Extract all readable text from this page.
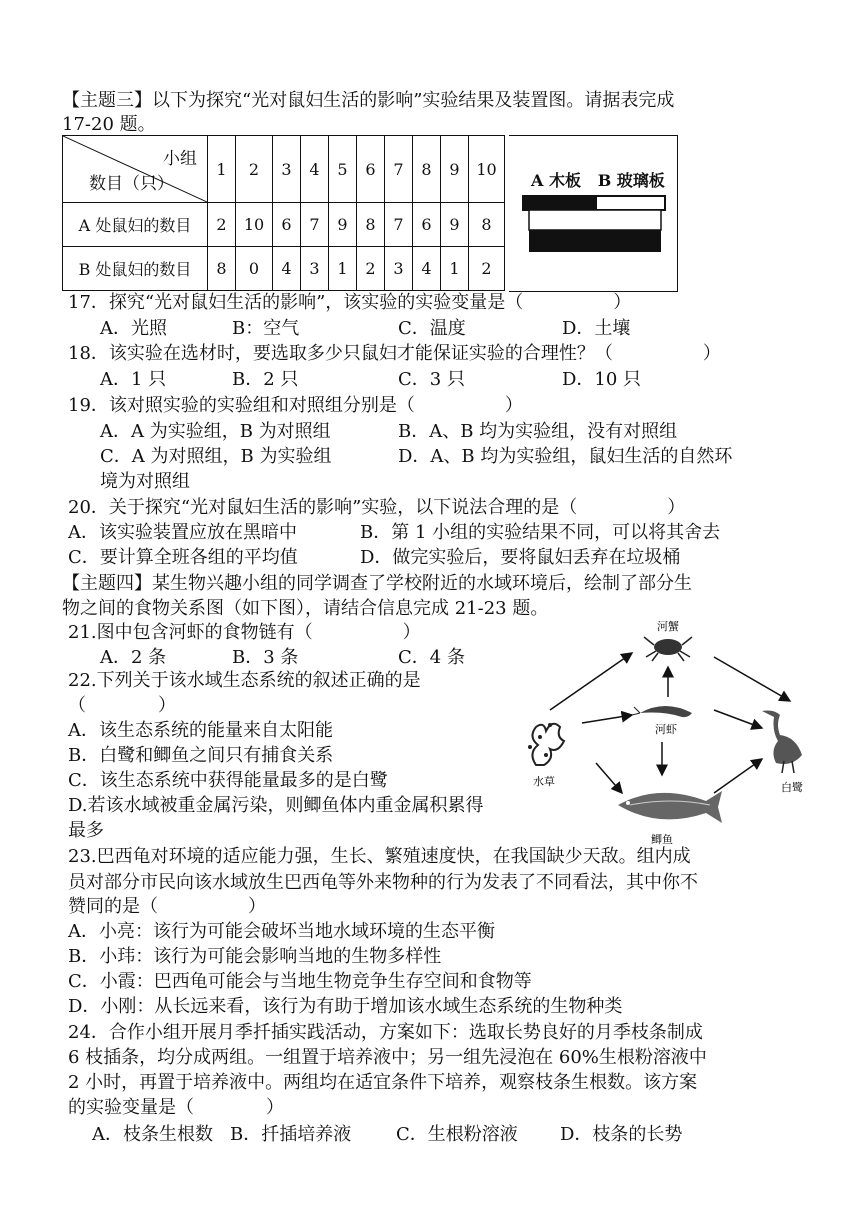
【主题三】以下为探究“光对鼠妇生活的影响”实验结果及装置图。请据表完成
17-20 题。
小组
数目（只）	1	2	3	4	5	6	7	8	9	10
A 处鼠妇的数目	2	10	6	7	9	8	7	6	9	8
B 处鼠妇的数目	8	0	4	3	1	2	3	4	1	2
A 木板   B 玻璃板
17．探究“光对鼠妇生活的影响”，该实验的实验变量是（　　　　　）
A．光照	B：空气	C．温度	D．土壤
18．该实验在选材时，要选取多少只鼠妇才能保证实验的合理性？（　　　　　）
A．1 只	B．2 只	C．3 只	D．10 只
19．该对照实验的实验组和对照组分别是（　　　　　）
A．A 为实验组，B 为对照组	B．A、B 均为实验组，没有对照组
C．A 为对照组，B 为实验组	D．A、B 均为实验组，鼠妇生活的自然环
境为对照组
20．关于探究“光对鼠妇生活的影响”实验，以下说法合理的是（　　　　　）
A．该实验装置应放在黑暗中	B．第 1 小组的实验结果不同，可以将其舍去
C．要计算全班各组的平均值	D．做完实验后，要将鼠妇丢弃在垃圾桶
【主题四】某生物兴趣小组的同学调查了学校附近的水域环境后，绘制了部分生
物之间的食物关系图（如下图），请结合信息完成 21-23 题。
21.图中包含河虾的食物链有（　　　　　）
A．2 条	B．3 条	C．4 条
22.下列关于该水域生态系统的叙述正确的是
（　　　　）
A．该生态系统的能量来自太阳能
B．白鹭和鲫鱼之间只有捕食关系
C．该生态系统中获得能量最多的是白鹭
D.若该水域被重金属污染，则鲫鱼体内重金属积累得
最多
河蟹
河虾
水草	白鹭
鲫鱼
23.巴西龟对环境的适应能力强，生长、繁殖速度快，在我国缺少天敌。组内成
员对部分市民向该水域放生巴西龟等外来物种的行为发表了不同看法，其中你不
赞同的是（　　　　　）
A．小亮：该行为可能会破坏当地水域环境的生态平衡
B．小玮：该行为可能会影响当地的生物多样性
C．小霞：巴西龟可能会与当地生物竞争生存空间和食物等
D．小刚：从长远来看，该行为有助于增加该水域生态系统的生物种类
24．合作小组开展月季扦插实践活动，方案如下：选取长势良好的月季枝条制成
6 枝插条，均分成两组。一组置于培养液中；另一组先浸泡在 60%生根粉溶液中
2 小时，再置于培养液中。两组均在适宜条件下培养，观察枝条生根数。该方案
的实验变量是（　　　　）
A．枝条生根数 B．扦插培养液 C．生根粉溶液 D．枝条的长势
